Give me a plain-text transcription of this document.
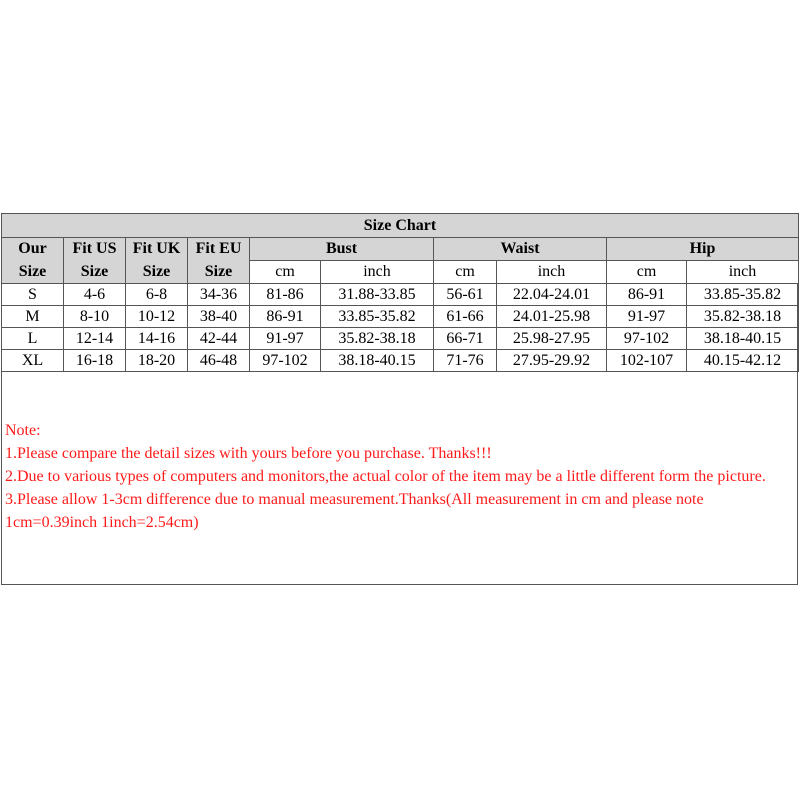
Size Chart									
Our	Fit US	Fit UK	Fit EU	Bust		Waist		Hip	
Size	Size	Size	Size	cm	inch	cm	inch	cm	inch
S	4-6	6-8	34-36	81-86	31.88-33.85	56-61	22.04-24.01	86-91	33.85-35.82
M	8-10	10-12	38-40	86-91	33.85-35.82	61-66	24.01-25.98	91-97	35.82-38.18
L	12-14	14-16	42-44	91-97	35.82-38.18	66-71	25.98-27.95	97-102	38.18-40.15
XL	16-18	18-20	46-48	97-102	38.18-40.15	71-76	27.95-29.92	102-107	40.15-42.12
Note:
1.Please compare the detail sizes with yours before you purchase. Thanks!!!
2.Due to various types of computers and monitors,the actual color of the item may be a little different form the picture.
3.Please allow 1-3cm difference due to manual measurement.Thanks(All measurement in cm and please note 1cm=0.39inch 1inch=2.54cm)
